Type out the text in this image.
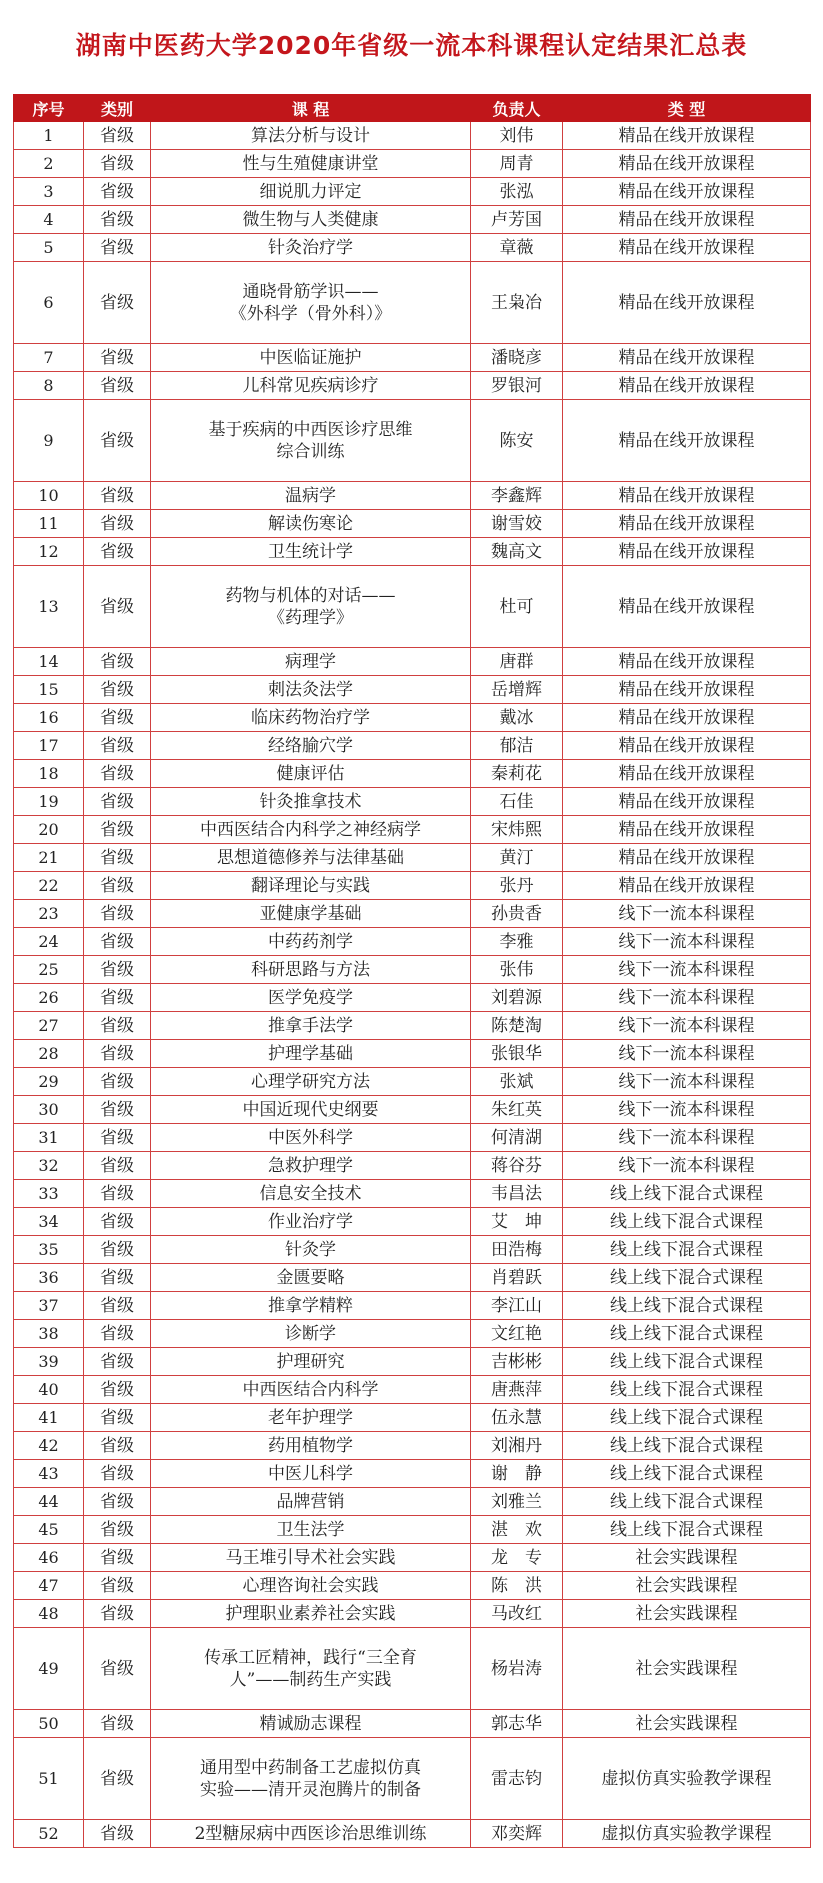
湖南中医药大学2020年省级一流本科课程认定结果汇总表
序号	类别	课 程	负责人	类 型
1	省级	算法分析与设计	刘伟	精品在线开放课程
2	省级	性与生殖健康讲堂	周青	精品在线开放课程
3	省级	细说肌力评定	张泓	精品在线开放课程
4	省级	微生物与人类健康	卢芳国	精品在线开放课程
5	省级	针灸治疗学	章薇	精品在线开放课程
6	省级	通晓骨筋学识——
《外科学（骨外科）》	王枭冶	精品在线开放课程
7	省级	中医临证施护	潘晓彦	精品在线开放课程
8	省级	儿科常见疾病诊疗	罗银河	精品在线开放课程
9	省级	基于疾病的中西医诊疗思维
综合训练	陈安	精品在线开放课程
10	省级	温病学	李鑫辉	精品在线开放课程
11	省级	解读伤寒论	谢雪姣	精品在线开放课程
12	省级	卫生统计学	魏高文	精品在线开放课程
13	省级	药物与机体的对话——
《药理学》	杜可	精品在线开放课程
14	省级	病理学	唐群	精品在线开放课程
15	省级	刺法灸法学	岳增辉	精品在线开放课程
16	省级	临床药物治疗学	戴冰	精品在线开放课程
17	省级	经络腧穴学	郁洁	精品在线开放课程
18	省级	健康评估	秦莉花	精品在线开放课程
19	省级	针灸推拿技术	石佳	精品在线开放课程
20	省级	中西医结合内科学之神经病学	宋炜熙	精品在线开放课程
21	省级	思想道德修养与法律基础	黄汀	精品在线开放课程
22	省级	翻译理论与实践	张丹	精品在线开放课程
23	省级	亚健康学基础	孙贵香	线下一流本科课程
24	省级	中药药剂学	李雅	线下一流本科课程
25	省级	科研思路与方法	张伟	线下一流本科课程
26	省级	医学免疫学	刘碧源	线下一流本科课程
27	省级	推拿手法学	陈楚淘	线下一流本科课程
28	省级	护理学基础	张银华	线下一流本科课程
29	省级	心理学研究方法	张斌	线下一流本科课程
30	省级	中国近现代史纲要	朱红英	线下一流本科课程
31	省级	中医外科学	何清湖	线下一流本科课程
32	省级	急救护理学	蒋谷芬	线下一流本科课程
33	省级	信息安全技术	韦昌法	线上线下混合式课程
34	省级	作业治疗学	艾　坤	线上线下混合式课程
35	省级	针灸学	田浩梅	线上线下混合式课程
36	省级	金匮要略	肖碧跃	线上线下混合式课程
37	省级	推拿学精粹	李江山	线上线下混合式课程
38	省级	诊断学	文红艳	线上线下混合式课程
39	省级	护理研究	吉彬彬	线上线下混合式课程
40	省级	中西医结合内科学	唐燕萍	线上线下混合式课程
41	省级	老年护理学	伍永慧	线上线下混合式课程
42	省级	药用植物学	刘湘丹	线上线下混合式课程
43	省级	中医儿科学	谢　静	线上线下混合式课程
44	省级	品牌营销	刘雅兰	线上线下混合式课程
45	省级	卫生法学	湛　欢	线上线下混合式课程
46	省级	马王堆引导术社会实践	龙　专	社会实践课程
47	省级	心理咨询社会实践	陈　洪	社会实践课程
48	省级	护理职业素养社会实践	马改红	社会实践课程
49	省级	传承工匠精神，践行“三全育
人”——制药生产实践	杨岩涛	社会实践课程
50	省级	精诚励志课程	郭志华	社会实践课程
51	省级	通用型中药制备工艺虚拟仿真
实验——清开灵泡腾片的制备	雷志钧	虚拟仿真实验教学课程
52	省级	2型糖尿病中西医诊治思维训练	邓奕辉	虚拟仿真实验教学课程
